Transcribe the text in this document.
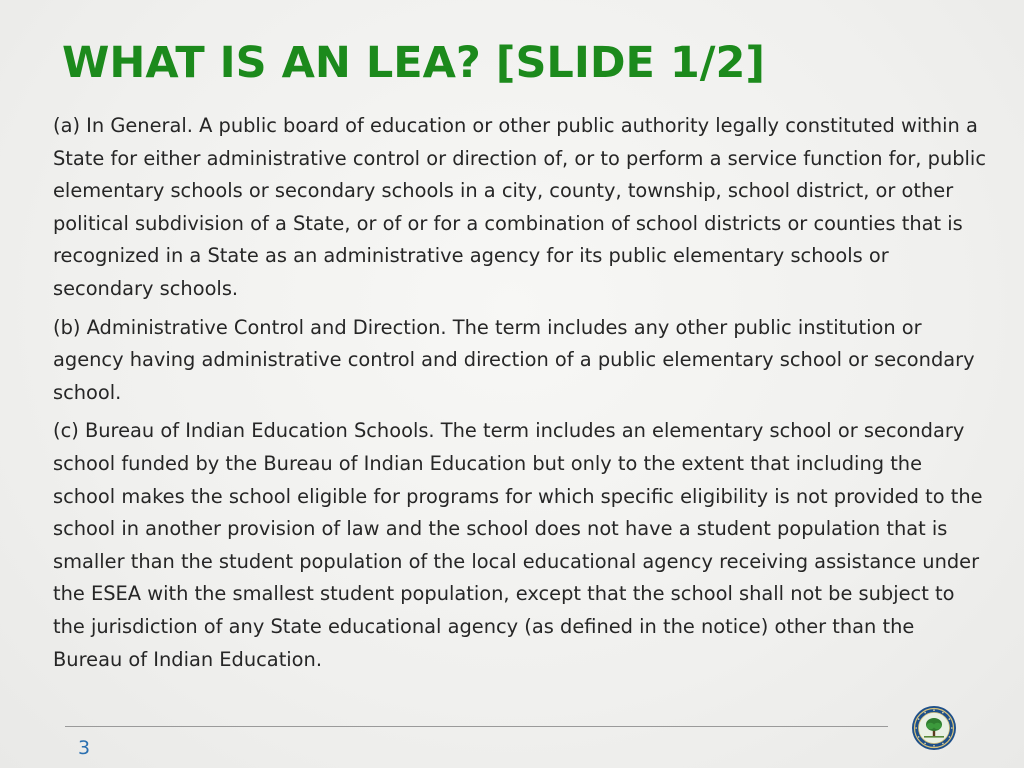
WHAT IS AN LEA? [SLIDE 1/2]

(a) In General. A public board of education or other public authority legally constituted within a State for either administrative control or direction of, or to perform a service function for, public elementary schools or secondary schools in a city, county, township, school district, or other political subdivision of a State, or of or for a combination of school districts or counties that is recognized in a State as an administrative agency for its public elementary schools or secondary schools.

(b) Administrative Control and Direction. The term includes any other public institution or agency having administrative control and direction of a public elementary school or secondary school.

(c) Bureau of Indian Education Schools. The term includes an elementary school or secondary school funded by the Bureau of Indian Education but only to the extent that including the school makes the school eligible for programs for which specific eligibility is not provided to the school in another provision of law and the school does not have a student population that is smaller than the student population of the local educational agency receiving assistance under the ESEA with the smallest student population, except that the school shall not be subject to the jurisdiction of any State educational agency (as defined in the notice) other than the Bureau of Indian Education.

3
